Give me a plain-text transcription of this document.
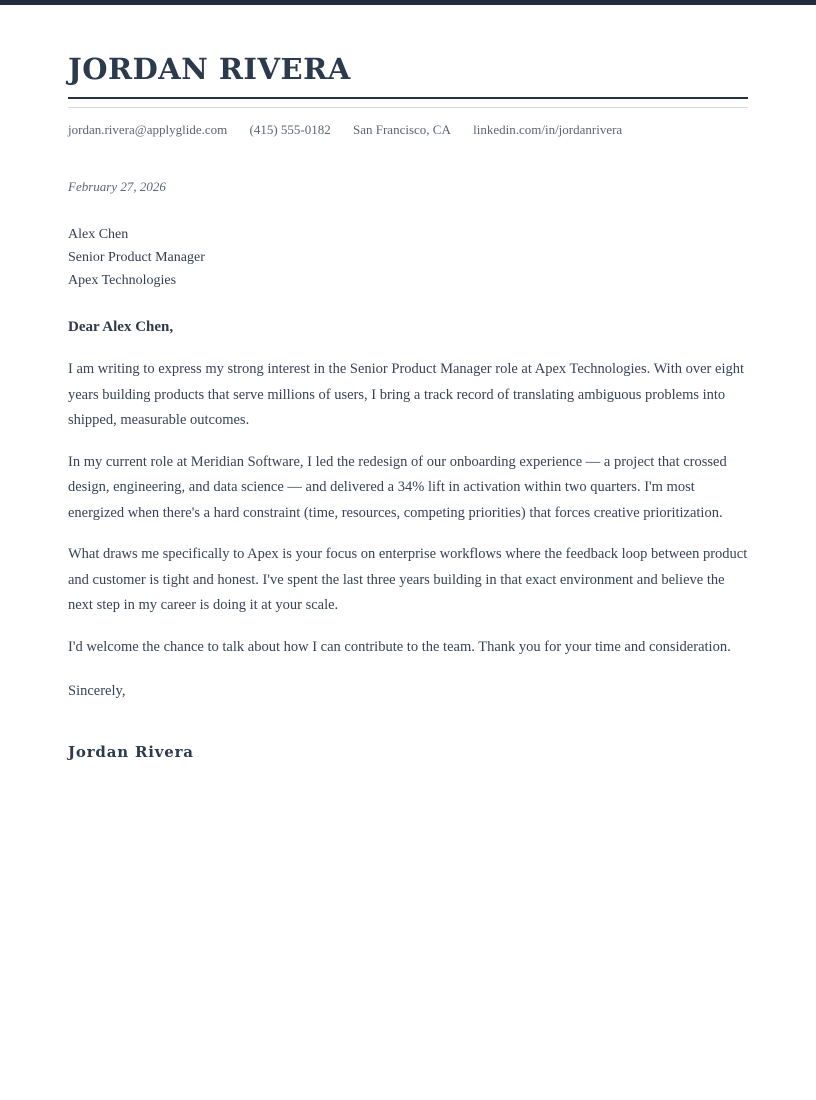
JORDAN RIVERA
jordan.rivera@applyglide.com (415) 555-0182 San Francisco, CA linkedin.com/in/jordanrivera
February 27, 2026
Alex Chen
Senior Product Manager
Apex Technologies
Dear Alex Chen,

I am writing to express my strong interest in the Senior Product Manager role at Apex Technologies. With over eight years building products that serve millions of users, I bring a track record of translating ambiguous problems into shipped, measurable outcomes.

In my current role at Meridian Software, I led the redesign of our onboarding experience — a project that crossed design, engineering, and data science — and delivered a 34% lift in activation within two quarters. I'm most energized when there's a hard constraint (time, resources, competing priorities) that forces creative prioritization.

What draws me specifically to Apex is your focus on enterprise workflows where the feedback loop between product and customer is tight and honest. I've spent the last three years building in that exact environment and believe the next step in my career is doing it at your scale.

I'd welcome the chance to talk about how I can contribute to the team. Thank you for your time and consideration.

Sincerely,
Jordan Rivera
